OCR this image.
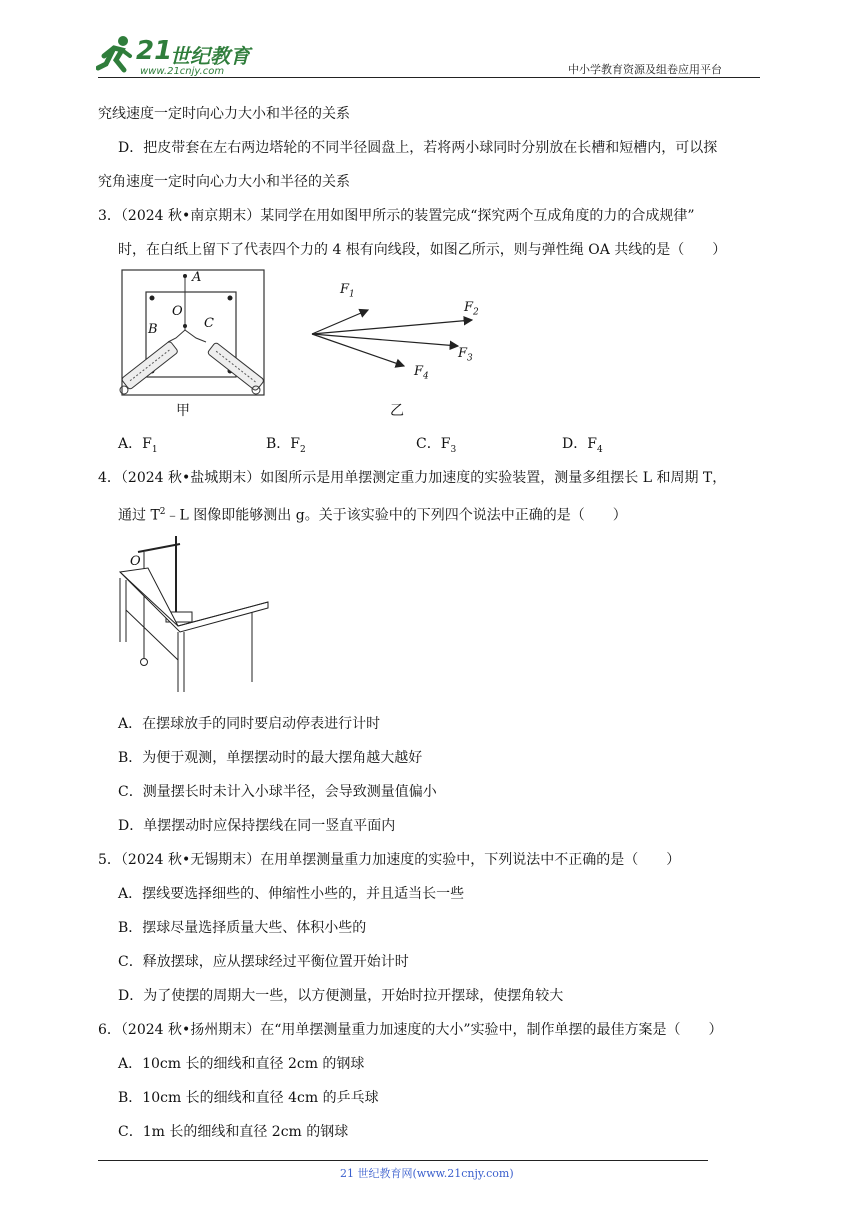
21
世纪教育
www.21cnjy.com	中小学教育资源及组卷应用平台
究线速度一定时向心力大小和半径的关系
D．把皮带套在左右两边塔轮的不同半径圆盘上，若将两小球同时分别放在长槽和短槽内，可以探
究角速度一定时向心力大小和半径的关系
3．（2024 秋•南京期末）某同学在用如图甲所示的装置完成“探究两个互成角度的力的合成规律”
时，在白纸上留下了代表四个力的 4 根有向线段，如图乙所示，则与弹性绳 OA 共线的是（　　）
A
O
B	C
甲
$F_1$
$F_2$
$F_3$
$F_4$
乙
A．$F_1$	B．$F_2$	C．$F_3$	D．$F_4$
4．（2024 秋•盐城期末）如图所示是用单摆测定重力加速度的实验装置，测量多组摆长 L 和周期 T，
通过 $T^2﹣L$ 图像即能够测出 g。关于该实验中的下列四个说法中正确的是（　　）
O
A．在摆球放手的同时要启动停表进行计时
B．为便于观测，单摆摆动时的最大摆角越大越好
C．测量摆长时未计入小球半径，会导致测量值偏小
D．单摆摆动时应保持摆线在同一竖直平面内
5．（2024 秋•无锡期末）在用单摆测量重力加速度的实验中，下列说法中不正确的是（　　）
A．摆线要选择细些的、伸缩性小些的，并且适当长一些
B．摆球尽量选择质量大些、体积小些的
C．释放摆球，应从摆球经过平衡位置开始计时
D．为了使摆的周期大一些，以方便测量，开始时拉开摆球，使摆角较大
6．（2024 秋•扬州期末）在“用单摆测量重力加速度的大小”实验中，制作单摆的最佳方案是（　　）
A．10cm 长的细线和直径 2cm 的钢球
B．10cm 长的细线和直径 4cm 的乒乓球
C．1m 长的细线和直径 2cm 的钢球
21 世纪教育网(www.21cnjy.com)
